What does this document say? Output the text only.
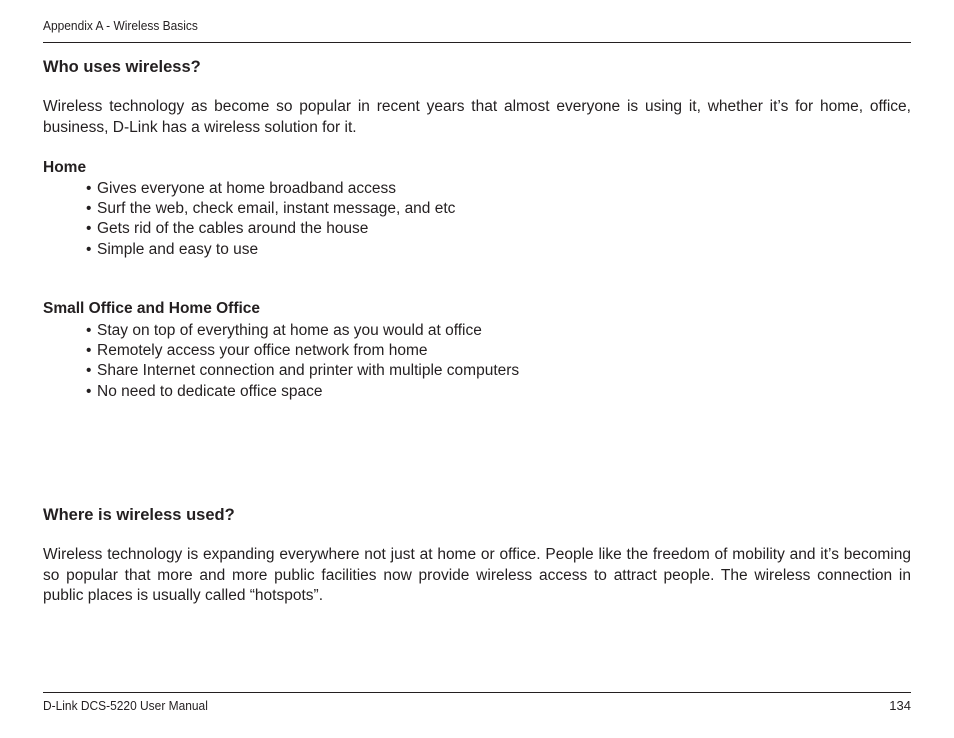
Appendix A - Wireless Basics
Who uses wireless?
Wireless technology as become so popular in recent years that almost everyone is using it, whether it’s for home, office, business, D-Link has a wireless solution for it.
Home
• Gives everyone at home broadband access
• Surf the web, check email, instant message, and etc
• Gets rid of the cables around the house
• Simple and easy to use
Small Office and Home Office
• Stay on top of everything at home as you would at office
• Remotely access your office network from home
• Share Internet connection and printer with multiple computers
• No need to dedicate office space
Where is wireless used?
Wireless technology is expanding everywhere not just at home or office. People like the freedom of mobility and it’s becoming so popular that more and more public facilities now provide wireless access to attract people. The wireless connection in public places is usually called “hotspots”.
D-Link DCS-5220 User Manual	134
